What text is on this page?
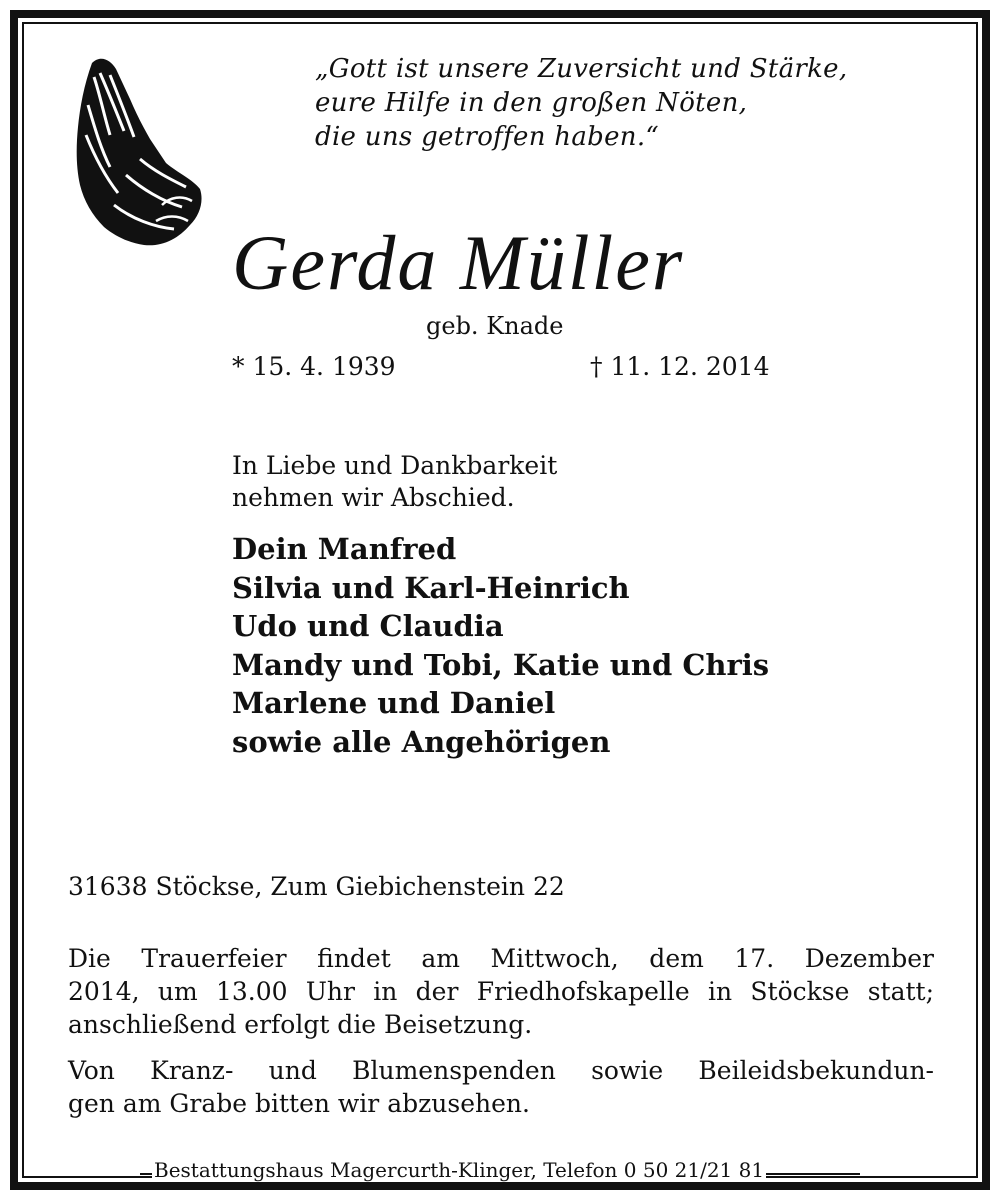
„Gott ist unsere Zuversicht und Stärke,
eure Hilfe in den großen Nöten,
die uns getroffen haben.“
Gerda Müller
geb. Knade
* 15. 4. 1939	† 11. 12. 2014
In Liebe und Dankbarkeit
nehmen wir Abschied.
Dein Manfred
Silvia und Karl-Heinrich
Udo und Claudia
Mandy und Tobi, Katie und Chris
Marlene und Daniel
sowie alle Angehörigen
31638 Stöckse, Zum Giebichenstein 22
Die Trauerfeier findet am Mittwoch, dem 17. Dezember
2014, um 13.00 Uhr in der Friedhofskapelle in Stöckse statt;
anschließend erfolgt die Beisetzung.
Von Kranz- und Blumenspenden sowie Beileidsbekundun-
gen am Grabe bitten wir abzusehen.
Bestattungshaus Magercurth-Klinger, Telefon 0 50 21/21 81
